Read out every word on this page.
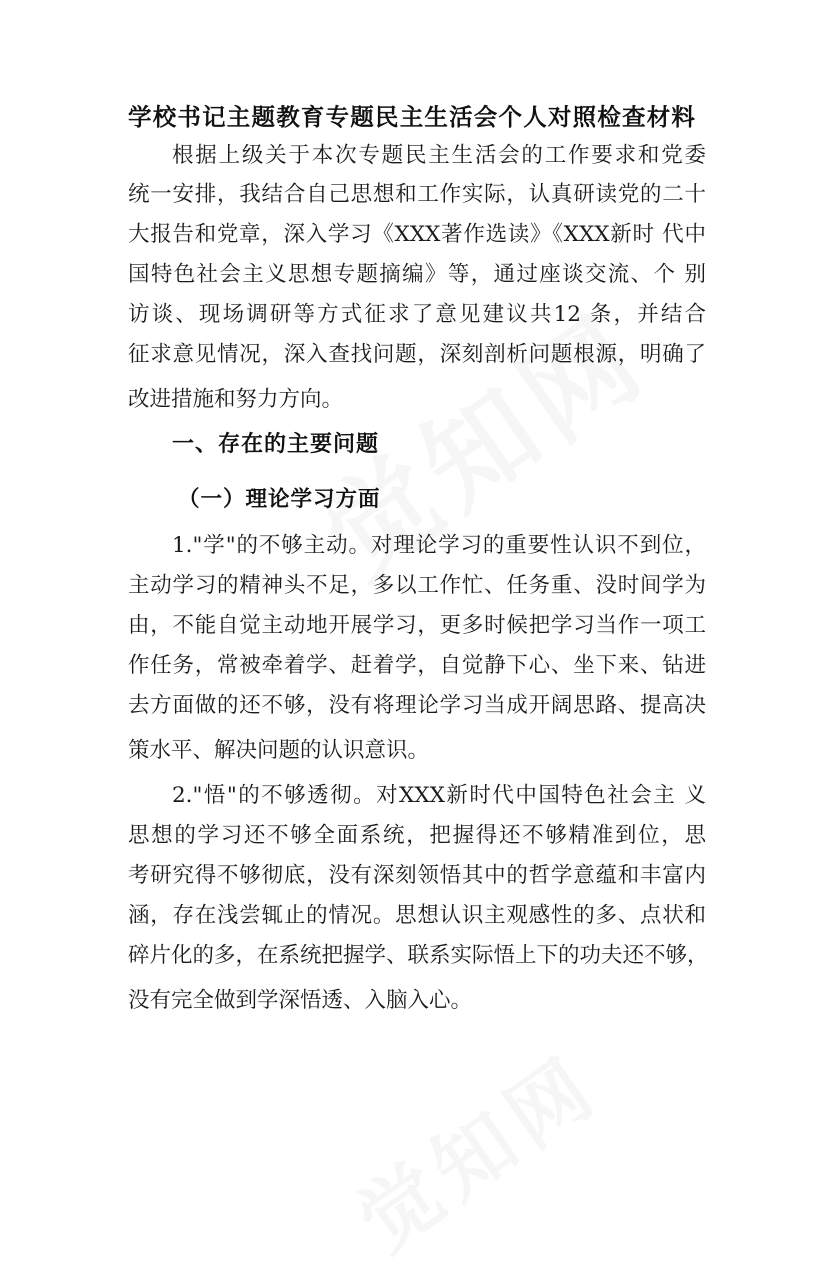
学校书记主题教育专题民主生活会个人对照检查材料
根据上级关于本次专题民主生活会的工作要求和党委
统一安排，我结合自己思想和工作实际，认真研读党的二十
大报告和党章，深入学习《XXX著作选读》《XXX新时 代中
国特色社会主义思想专题摘编》等，通过座谈交流、个 别
访谈、现场调研等方式征求了意见建议共12 条，并结合
征求意见情况，深入查找问题，深刻剖析问题根源，明确了
改进措施和努力方向。
一、存在的主要问题
（一）理论学习方面
1."学"的不够主动。对理论学习的重要性认识不到位，
主动学习的精神头不足，多以工作忙、任务重、没时间学为
由，不能自觉主动地开展学习，更多时候把学习当作一项工
作任务，常被牵着学、赶着学，自觉静下心、坐下来、钻进
去方面做的还不够，没有将理论学习当成开阔思路、提高决
策水平、解决问题的认识意识。
2."悟"的不够透彻。对XXX新时代中国特色社会主 义
思想的学习还不够全面系统，把握得还不够精准到位，思
考研究得不够彻底，没有深刻领悟其中的哲学意蕴和丰富内
涵，存在浅尝辄止的情况。思想认识主观感性的多、点状和
碎片化的多，在系统把握学、联系实际悟上下的功夫还不够，
没有完全做到学深悟透、入脑入心。
